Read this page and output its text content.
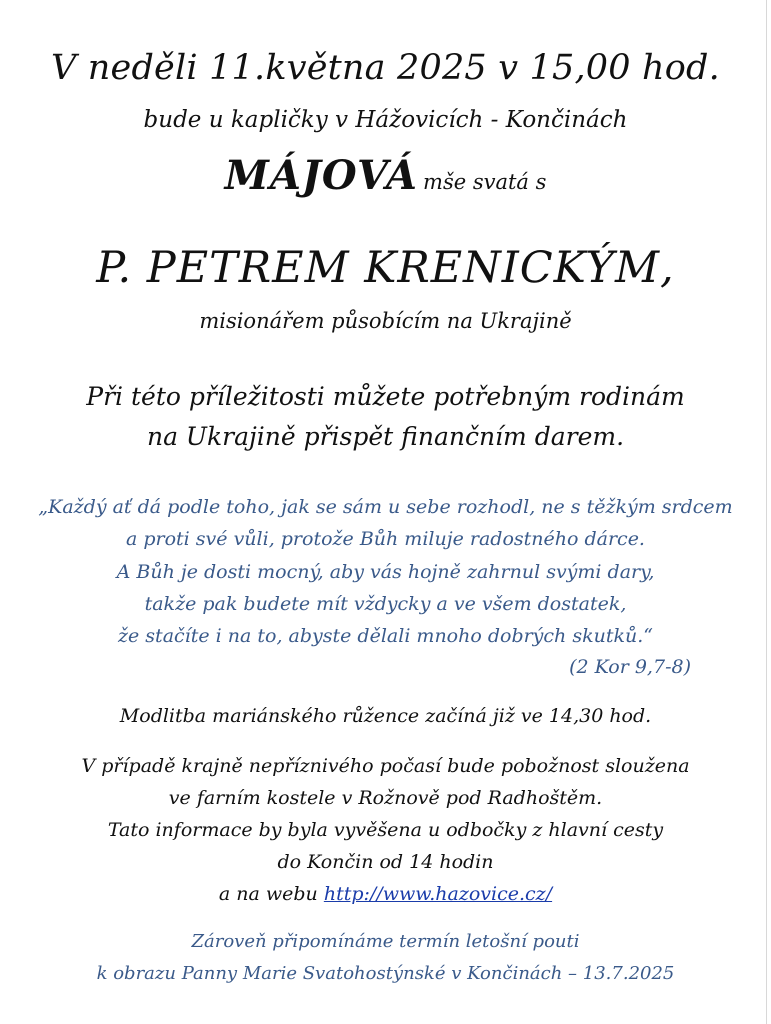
V neděli 11.května 2025 v 15,00 hod.
bude u kapličky v Hážovicích - Končinách
MÁJOVÁ mše svatá s
P. PETREM KRENICKÝM,
misionářem působícím na Ukrajině
Při této příležitosti můžete potřebným rodinám
na Ukrajině přispět finančním darem.
„Každý ať dá podle toho, jak se sám u sebe rozhodl, ne s těžkým srdcem
a proti své vůli, protože Bůh miluje radostného dárce.
A Bůh je dosti mocný, aby vás hojně zahrnul svými dary,
takže pak budete mít vždycky a ve všem dostatek,
že stačíte i na to, abyste dělali mnoho dobrých skutků.“
(2 Kor 9,7-8)
Modlitba mariánského růžence začíná již ve 14,30 hod.
V případě krajně nepříznivého počasí bude pobožnost sloužena
ve farním kostele v Rožnově pod Radhoštěm.
Tato informace by byla vyvěšena u odbočky z hlavní cesty
do Končin od 14 hodin
a na webu http://www.hazovice.cz/
Zároveň připomínáme termín letošní pouti
k obrazu Panny Marie Svatohostýnské v Končinách – 13.7.2025
